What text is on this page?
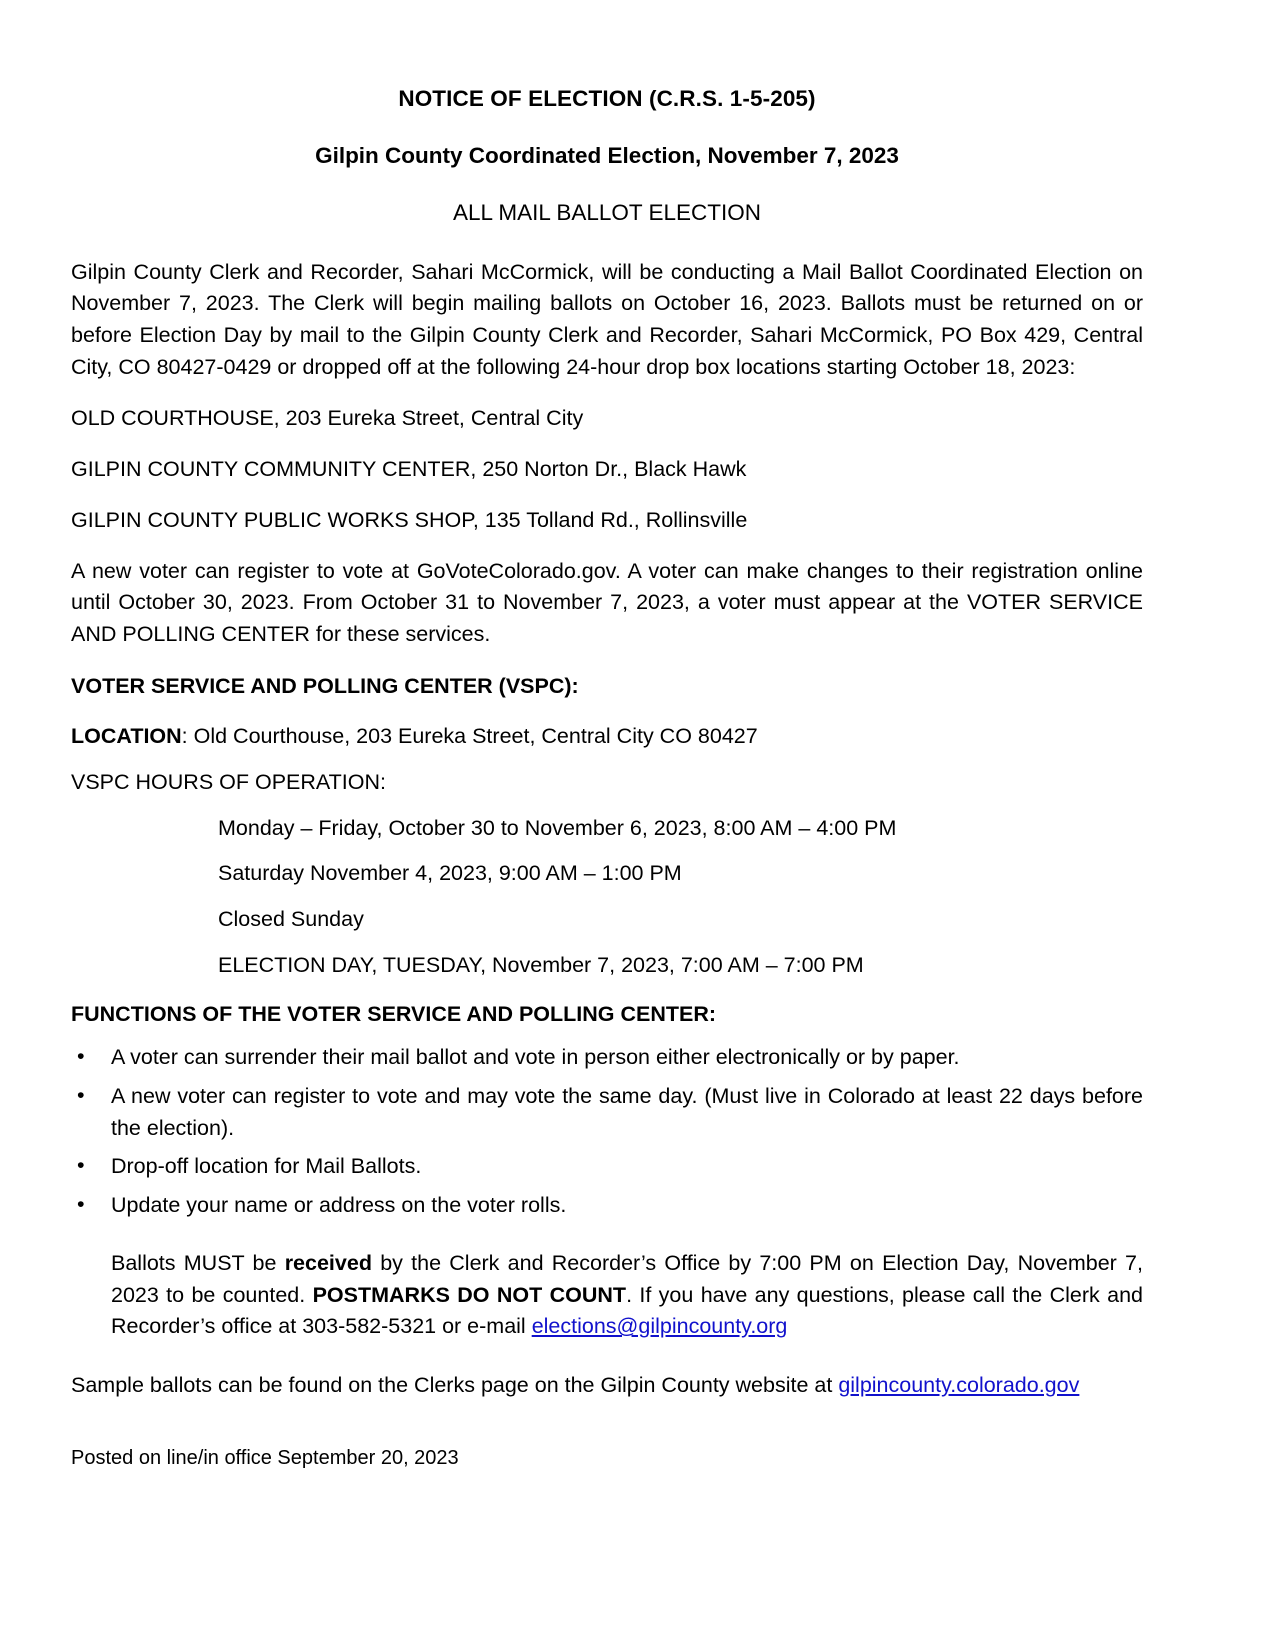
NOTICE OF ELECTION (C.R.S. 1-5-205)
Gilpin County Coordinated Election, November 7, 2023
ALL MAIL BALLOT ELECTION

Gilpin County Clerk and Recorder, Sahari McCormick, will be conducting a Mail Ballot Coordinated Election on November 7, 2023. The Clerk will begin mailing ballots on October 16, 2023. Ballots must be returned on or before Election Day by mail to the Gilpin County Clerk and Recorder, Sahari McCormick, PO Box 429, Central City, CO 80427-0429 or dropped off at the following 24-hour drop box locations starting October 18, 2023:

OLD COURTHOUSE, 203 Eureka Street, Central City

GILPIN COUNTY COMMUNITY CENTER, 250 Norton Dr., Black Hawk

GILPIN COUNTY PUBLIC WORKS SHOP, 135 Tolland Rd., Rollinsville

A new voter can register to vote at GoVoteColorado.gov. A voter can make changes to their registration online until October 30, 2023. From October 31 to November 7, 2023, a voter must appear at the VOTER SERVICE AND POLLING CENTER for these services.

VOTER SERVICE AND POLLING CENTER (VSPC):

LOCATION: Old Courthouse, 203 Eureka Street, Central City CO 80427

VSPC HOURS OF OPERATION:

Monday – Friday, October 30 to November 6, 2023, 8:00 AM – 4:00 PM
Saturday November 4, 2023, 9:00 AM – 1:00 PM
Closed Sunday
ELECTION DAY, TUESDAY, November 7, 2023, 7:00 AM – 7:00 PM
FUNCTIONS OF THE VOTER SERVICE AND POLLING CENTER:
• A voter can surrender their mail ballot and vote in person either electronically or by paper.
• A new voter can register to vote and may vote the same day. (Must live in Colorado at least 22 days before the election).
• Drop-off location for Mail Ballots.
• Update your name or address on the voter rolls.

Ballots MUST be received by the Clerk and Recorder’s Office by 7:00 PM on Election Day, November 7, 2023 to be counted. POSTMARKS DO NOT COUNT. If you have any questions, please call the Clerk and Recorder’s office at 303-582-5321 or e-mail elections@gilpincounty.org

Sample ballots can be found on the Clerks page on the Gilpin County website at gilpincounty.colorado.gov

Posted on line/in office September 20, 2023
